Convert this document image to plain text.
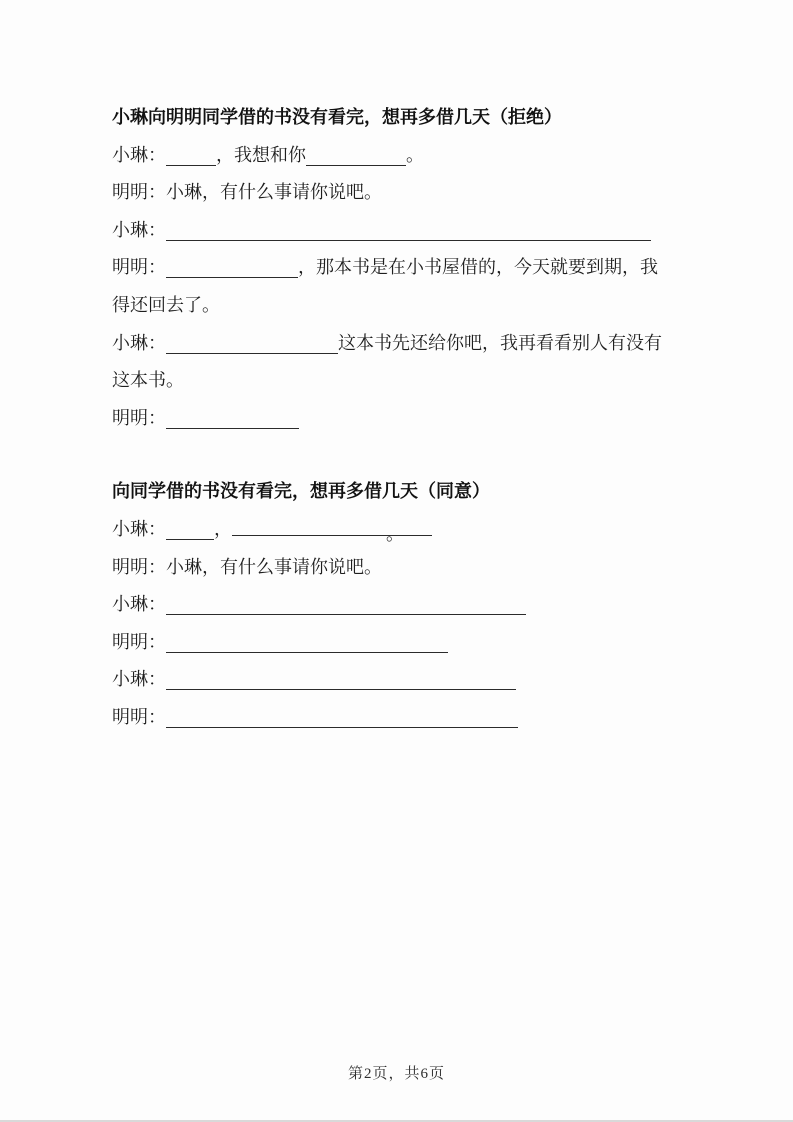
小琳向明明同学借的书没有看完，想再多借几天（拒绝）
小琳：	，我想和你	。
明明：小琳，有什么事请你说吧。
小琳：
明明：	，那本书是在小书屋借的，今天就要到期，我得还回去了。
小琳：	这本书先还给你吧，我再看看别人有没有这本书。
明明：
向同学借的书没有看完，想再多借几天（同意）
小琳：	，	。
明明：小琳，有什么事请你说吧。
小琳：
明明：
小琳：
明明：
第2页，共6页
